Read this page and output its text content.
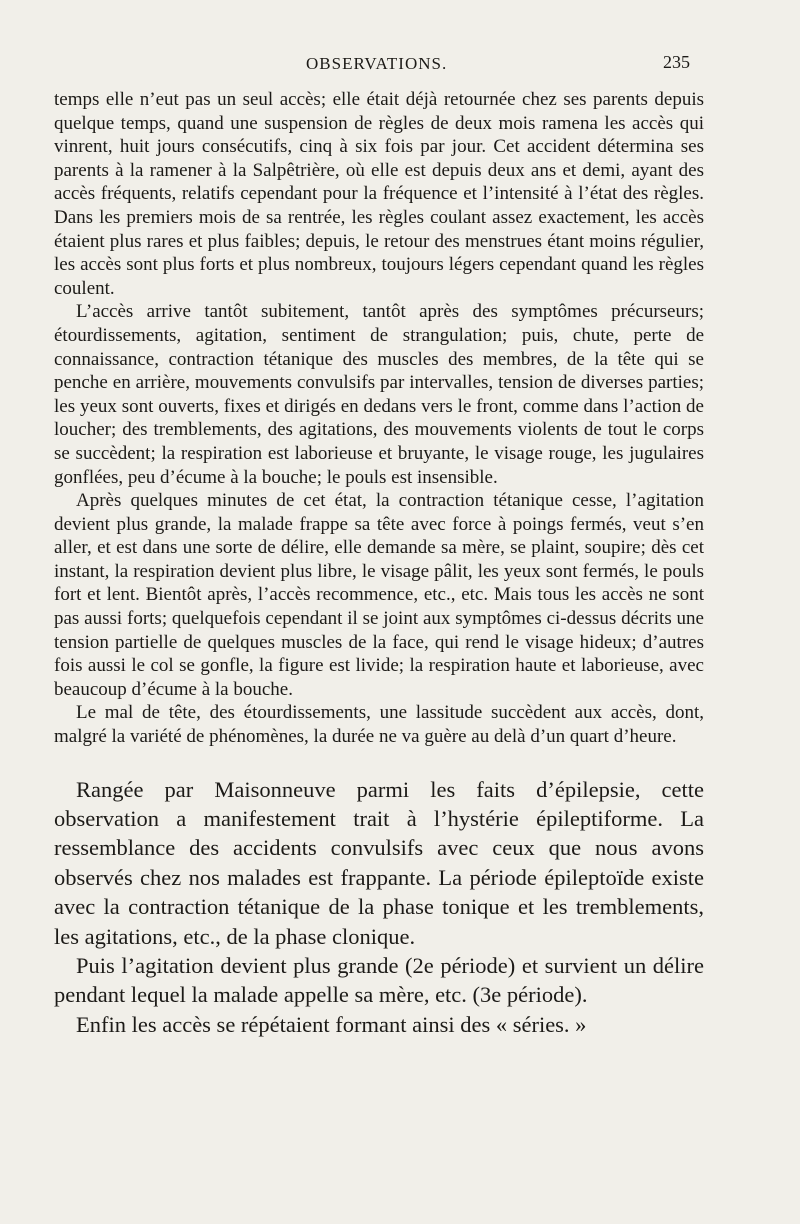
OBSERVATIONS.	235

temps elle n’eut pas un seul accès; elle était déjà retournée chez ses parents depuis quelque temps, quand une suspension de règles de deux mois ramena les accès qui vinrent, huit jours consécutifs, cinq à six fois par jour. Cet accident détermina ses parents à la ramener à la Salpêtrière, où elle est depuis deux ans et demi, ayant des accès fréquents, relatifs cependant pour la fréquence et l’intensité à l’état des règles. Dans les premiers mois de sa rentrée, les règles coulant assez exactement, les accès étaient plus rares et plus faibles; depuis, le retour des menstrues étant moins régulier, les accès sont plus forts et plus nombreux, toujours légers cependant quand les règles coulent.

L’accès arrive tantôt subitement, tantôt après des symptômes précurseurs; étourdissements, agitation, sentiment de strangulation; puis, chute, perte de connaissance, contraction tétanique des muscles des membres, de la tête qui se penche en arrière, mouvements convulsifs par intervalles, tension de diverses parties; les yeux sont ouverts, fixes et dirigés en dedans vers le front, comme dans l’action de loucher; des tremblements, des agitations, des mouvements violents de tout le corps se succèdent; la respiration est laborieuse et bruyante, le visage rouge, les jugulaires gonflées, peu d’écume à la bouche; le pouls est insensible.

Après quelques minutes de cet état, la contraction tétanique cesse, l’agitation devient plus grande, la malade frappe sa tête avec force à poings fermés, veut s’en aller, et est dans une sorte de délire, elle demande sa mère, se plaint, soupire; dès cet instant, la respiration devient plus libre, le visage pâlit, les yeux sont fermés, le pouls fort et lent. Bientôt après, l’accès recommence, etc., etc. Mais tous les accès ne sont pas aussi forts; quelquefois cependant il se joint aux symptômes ci-dessus décrits une tension partielle de quelques muscles de la face, qui rend le visage hideux; d’autres fois aussi le col se gonfle, la figure est livide; la respiration haute et laborieuse, avec beaucoup d’écume à la bouche.

Le mal de tête, des étourdissements, une lassitude succèdent aux accès, dont, malgré la variété de phénomènes, la durée ne va guère au delà d’un quart d’heure.

Rangée par Maisonneuve parmi les faits d’épilepsie, cette observation a manifestement trait à l’hystérie épileptiforme. La ressemblance des accidents convulsifs avec ceux que nous avons observés chez nos malades est frappante. La période épileptoïde existe avec la contraction tétanique de la phase tonique et les tremblements, les agitations, etc., de la phase clonique.

Puis l’agitation devient plus grande (2e période) et survient un délire pendant lequel la malade appelle sa mère, etc. (3e période).

Enfin les accès se répétaient formant ainsi des « séries. »
